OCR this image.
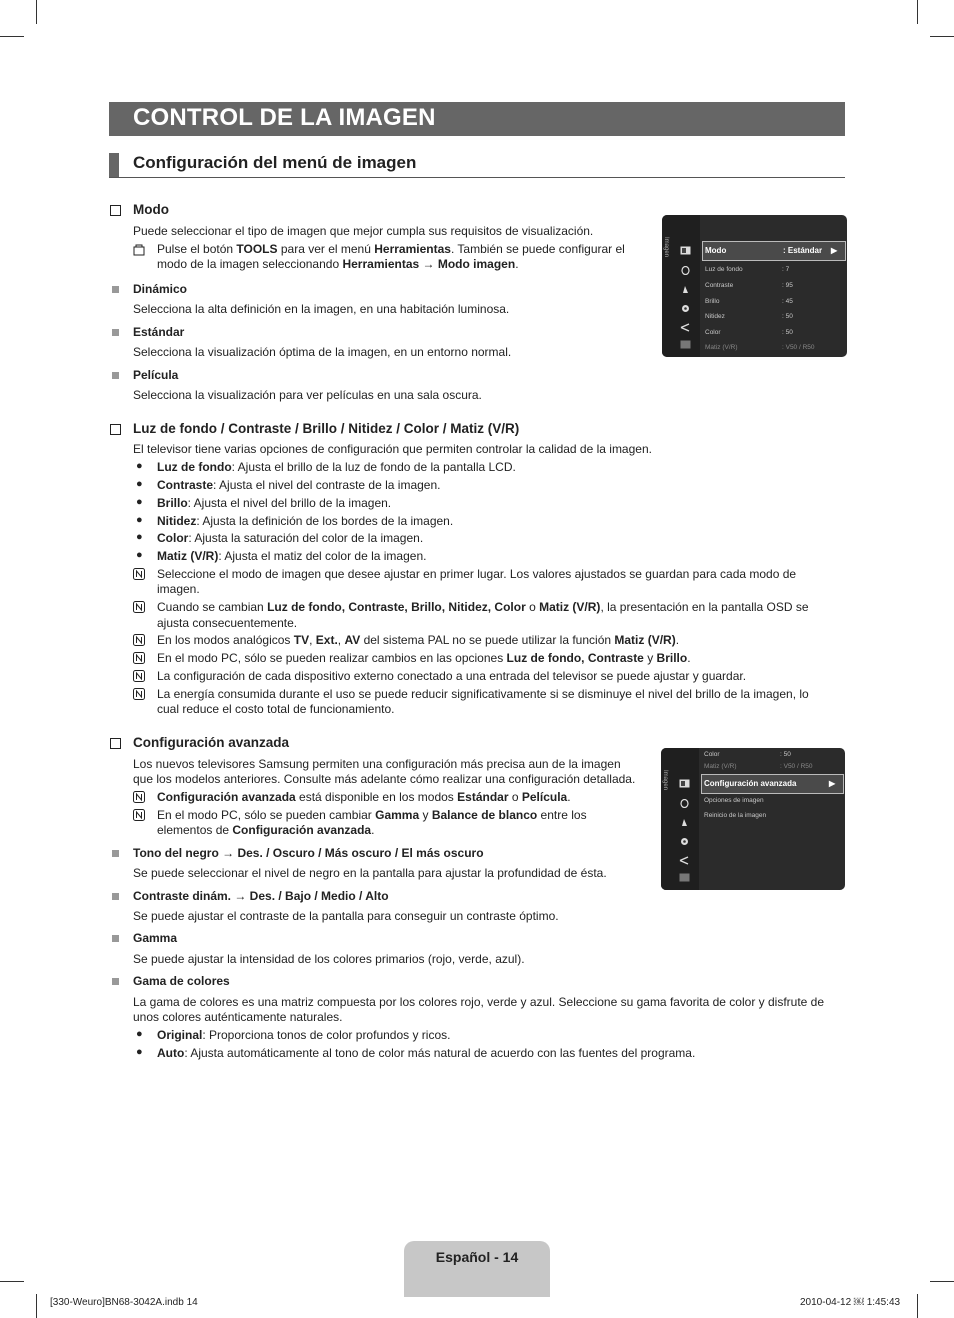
CONTROL DE LA IMAGEN
Configuración del menú de imagen
Modo
Puede seleccionar el tipo de imagen que mejor cumpla sus requisitos de visualización.
Pulse el botón TOOLS para ver el menú Herramientas. También se puede configurar el
modo de la imagen seleccionando Herramientas → Modo imagen.
Dinámico
Selecciona la alta definición en la imagen, en una habitación luminosa.
Estándar
Selecciona la visualización óptima de la imagen, en un entorno normal.
Película
Selecciona la visualización para ver películas en una sala oscura.
Imagen	Modo	: Estándar ▶
Luz de fondo	: 7
Contraste	: 95
Brillo	: 45
Nitidez	: 50
Color	: 50
Matiz (V/R)	: V50 / R50
Luz de fondo / Contraste / Brillo / Nitidez / Color / Matiz (V/R)
El televisor tiene varias opciones de configuración que permiten controlar la calidad de la imagen.
● Luz de fondo: Ajusta el brillo de la luz de fondo de la pantalla LCD.
● Contraste: Ajusta el nivel del contraste de la imagen.
● Brillo: Ajusta el nivel del brillo de la imagen.
● Nitidez: Ajusta la definición de los bordes de la imagen.
● Color: Ajusta la saturación del color de la imagen.
● Matiz (V/R): Ajusta el matiz del color de la imagen.
Seleccione el modo de imagen que desee ajustar en primer lugar. Los valores ajustados se guardan para cada modo de
imagen.
Cuando se cambian Luz de fondo, Contraste, Brillo, Nitidez, Color o Matiz (V/R), la presentación en la pantalla OSD se
ajusta consecuentemente.
En los modos analógicos TV, Ext., AV del sistema PAL no se puede utilizar la función Matiz (V/R).
En el modo PC, sólo se pueden realizar cambios en las opciones Luz de fondo, Contraste y Brillo.
La configuración de cada dispositivo externo conectado a una entrada del televisor se puede ajustar y guardar.
La energía consumida durante el uso se puede reducir significativamente si se disminuye el nivel del brillo de la imagen, lo
cual reduce el costo total de funcionamiento.
Configuración avanzada
Los nuevos televisores Samsung permiten una configuración más precisa aun de la imagen
que los modelos anteriores. Consulte más adelante cómo realizar una configuración detallada.
Configuración avanzada está disponible en los modos Estándar o Película.
En el modo PC, sólo se pueden cambiar Gamma y Balance de blanco entre los
elementos de Configuración avanzada.
Tono del negro → Des. / Oscuro / Más oscuro / El más oscuro
Se puede seleccionar el nivel de negro en la pantalla para ajustar la profundidad de ésta.
Contraste dinám. → Des. / Bajo / Medio / Alto
Se puede ajustar el contraste de la pantalla para conseguir un contraste óptimo.
Gamma
Se puede ajustar la intensidad de los colores primarios (rojo, verde, azul).
Gama de colores
La gama de colores es una matriz compuesta por los colores rojo, verde y azul. Seleccione su gama favorita de color y disfrute de
unos colores auténticamente naturales.
● Original: Proporciona tonos de color profundos y ricos.
● Auto: Ajusta automáticamente al tono de color más natural de acuerdo con las fuentes del programa.
Imagen
Color	: 50
Matiz (V/R)	: V50 / R50
Configuración avanzada	▶
Opciones de imagen
Reinicio de la imagen
Español - 14
[330-Weuro]BN68-3042A.indb 14	2010-04-12 ￼ 1:45:43
